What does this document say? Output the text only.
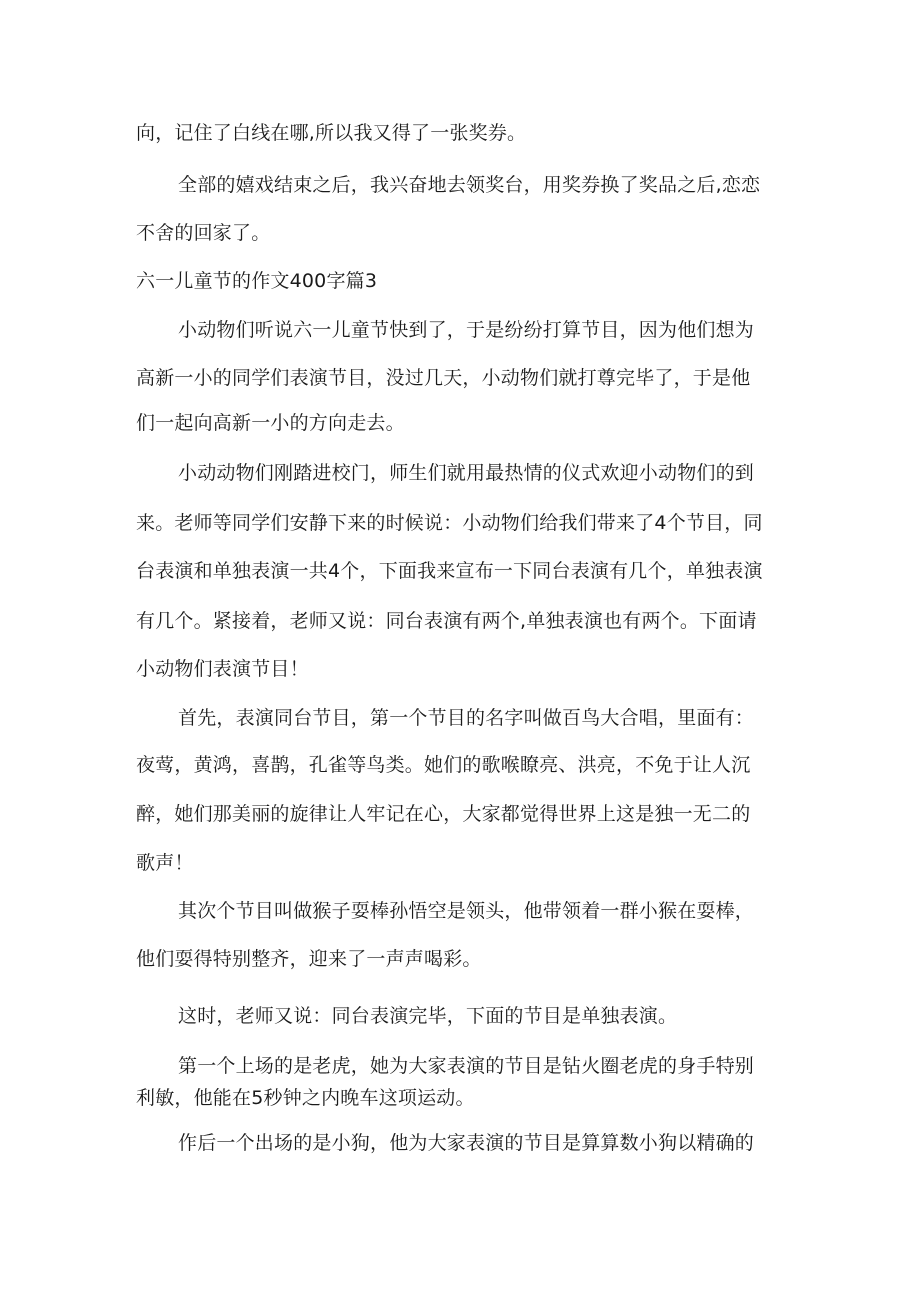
向，记住了白线在哪,所以我又得了一张奖券。
全部的嬉戏结束之后，我兴奋地去领奖台，用奖券换了奖品之后,恋恋
不舍的回家了。
六一儿童节的作文400字篇3
小动物们听说六一儿童节快到了，于是纷纷打算节目，因为他们想为
高新一小的同学们表演节目，没过几天，小动物们就打尊完毕了，于是他
们一起向高新一小的方向走去。
小动动物们刚踏进校门，师生们就用最热情的仪式欢迎小动物们的到
来。老师等同学们安静下来的时候说：小动物们给我们带来了4个节目，同
台表演和单独表演一共4个，下面我来宣布一下同台表演有几个，单独表演
有几个。紧接着，老师又说：同台表演有两个,单独表演也有两个。下面请
小动物们表演节目！
首先，表演同台节目，第一个节目的名字叫做百鸟大合唱，里面有：
夜莺，黄鸿，喜鹊，孔雀等鸟类。她们的歌喉瞭亮、洪亮，不免于让人沉
醉，她们那美丽的旋律让人牢记在心，大家都觉得世界上这是独一无二的
歌声！
其次个节目叫做猴子耍棒孙悟空是领头，他带领着一群小猴在耍棒，
他们耍得特别整齐，迎来了一声声喝彩。
这时，老师又说：同台表演完毕，下面的节目是单独表演。
第一个上场的是老虎，她为大家表演的节目是钻火圈老虎的身手特别
利敏，他能在5秒钟之内晚车这项运动。
作后一个出场的是小狗，他为大家表演的节目是算算数小狗以精确的
